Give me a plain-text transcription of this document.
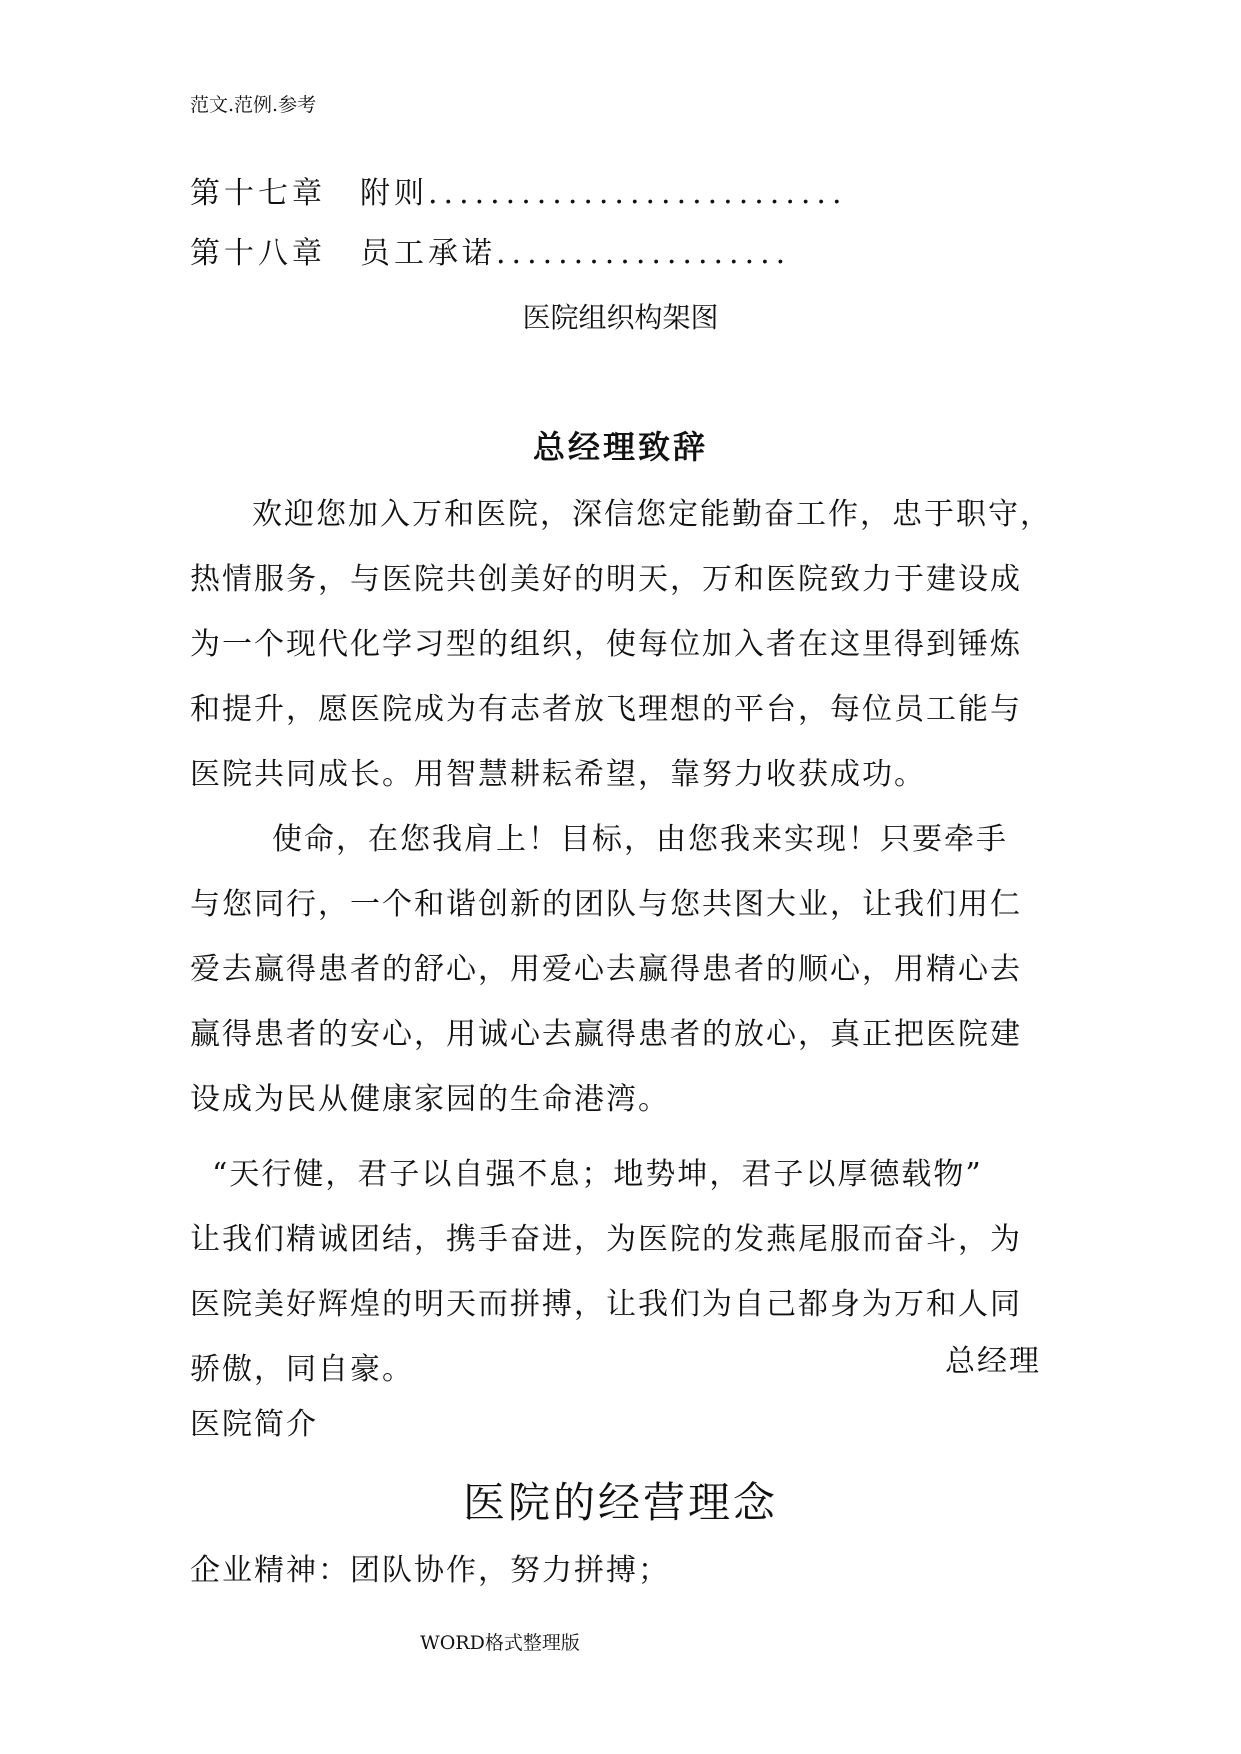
范文.范例.参考
第十七章 附则...........................
第十八章 员工承诺...................
医院组织构架图
总经理致辞
欢迎您加入万和医院，深信您定能勤奋工作，忠于职守，
热情服务，与医院共创美好的明天，万和医院致力于建设成
为一个现代化学习型的组织，使每位加入者在这里得到锤炼
和提升，愿医院成为有志者放飞理想的平台，每位员工能与
医院共同成长。用智慧耕耘希望，靠努力收获成功。
使命，在您我肩上！目标，由您我来实现！只要牵手
与您同行，一个和谐创新的团队与您共图大业，让我们用仁
爱去赢得患者的舒心，用爱心去赢得患者的顺心，用精心去
赢得患者的安心，用诚心去赢得患者的放心，真正把医院建
设成为民从健康家园的生命港湾。
“天行健，君子以自强不息；地势坤，君子以厚德载物”
让我们精诚团结，携手奋进，为医院的发燕尾服而奋斗，为
医院美好辉煌的明天而拼搏，让我们为自己都身为万和人同
骄傲，同自豪。	总经理
医院简介
医院的经营理念
企业精神：团队协作，努力拼搏；
WORD格式整理版
